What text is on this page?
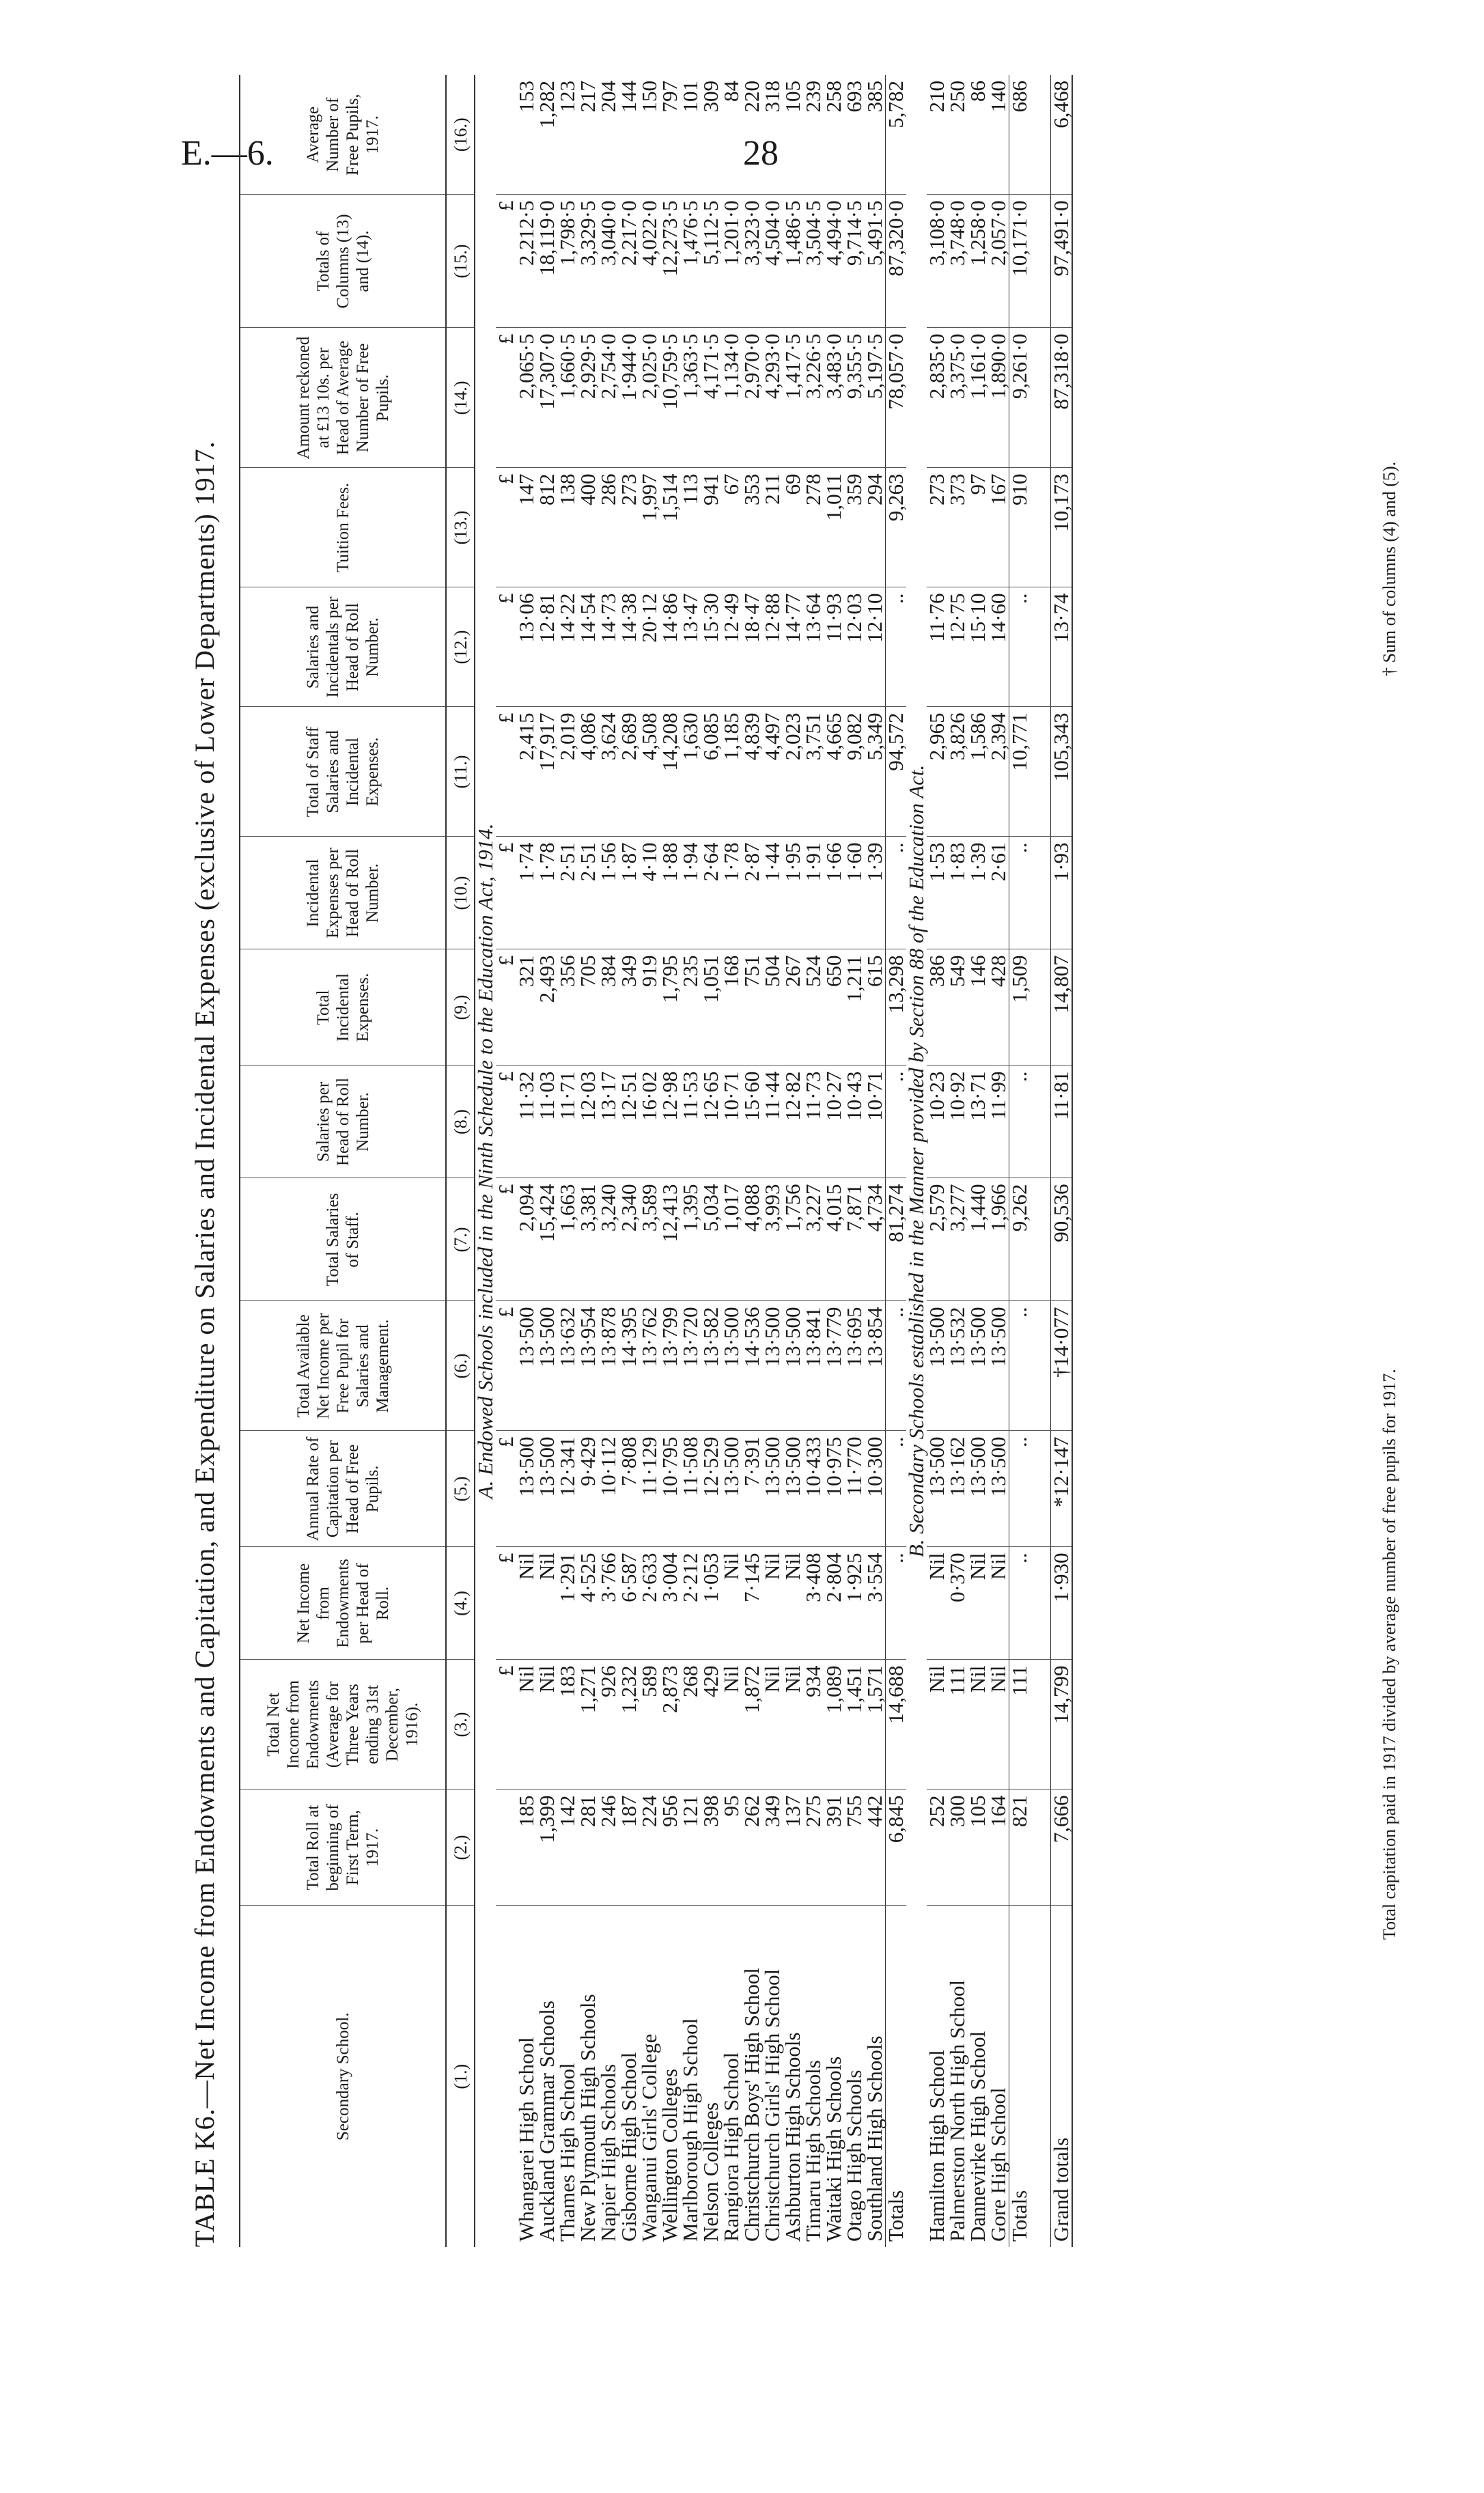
E.—6.	28
TABLE K6.—Net Income from Endowments and Capitation, and Expenditure on Salaries and Incidental Expenses (exclusive of Lower Departments) 1917.	Secondary School.	Total Roll at beginning of First Term, 1917.	Total Net Income from Endowments (Average for Three Years ending 31st December, 1916).	Net Income from Endowments per Head of Roll.	Annual Rate of Capitation per Head of Free Pupils.	Total Available Net Income per Free Pupil for Salaries and Management.	Total Salaries of Staff.	Salaries per Head of Roll Number.	Total Incidental Expenses.	Incidental Expenses per Head of Roll Number.	Total of Staff Salaries and Incidental Expenses.	Salaries and Incidentals per Head of Roll Number.	Tuition Fees.	Amount reckoned at £13 10s. per Head of Average Number of Free Pupils.	Totals of Columns (13) and (14).	Average Number of Free Pupils, 1917.
(1.)	(2.)	(3.)	(4.)	(5.)	(6.)	(7.)	(8.)	(9.)	(10.)	(11.)	(12.)	(13.)	(14.)	(15.)	(16.)
A. Endowed Schools included in the Ninth Schedule to the Education Act, 1914.															
		£	£	£	£	£	£	£	£	£	£	£	£	£	
Whangarei High School	185	Nil	Nil	13·500	13·500	2,094	11·32	321	1·74	2,415	13·06	147	2,065·5	2,212·5	153
Auckland Grammar Schools	1,399	Nil	Nil	13·500	13·500	15,424	11·03	2,493	1·78	17,917	12·81	812	17,307·0	18,119·0	1,282
Thames High School	142	183	1·291	12·341	13·632	1,663	11·71	356	2·51	2,019	14·22	138	1,660·5	1,798·5	123
New Plymouth High Schools	281	1,271	4·525	9·429	13·954	3,381	12·03	705	2·51	4,086	14·54	400	2,929·5	3,329·5	217
Napier High Schools	246	926	3·766	10·112	13·878	3,240	13·17	384	1·56	3,624	14·73	286	2,754·0	3,040·0	204
Gisborne High School	187	1,232	6·587	7·808	14·395	2,340	12·51	349	1·87	2,689	14·38	273	1·944·0	2,217·0	144
Wanganui Girls' College	224	589	2·633	11·129	13·762	3,589	16·02	919	4·10	4,508	20·12	1,997	2,025·0	4,022·0	150
Wellington Colleges	956	2,873	3·004	10·795	13·799	12,413	12·98	1,795	1·88	14,208	14·86	1,514	10,759·5	12,273·5	797
Marlborough High School	121	268	2·212	11·508	13·720	1,395	11·53	235	1·94	1,630	13·47	113	1,363·5	1,476·5	101
Nelson Colleges	398	429	1·053	12·529	13·582	5,034	12·65	1,051	2·64	6,085	15·30	941	4,171·5	5,112·5	309
Rangiora High School	95	Nil	Nil	13·500	13·500	1,017	10·71	168	1·78	1,185	12·49	67	1,134·0	1,201·0	84
Christchurch Boys' High School	262	1,872	7·145	7·391	14·536	4,088	15·60	751	2·87	4,839	18·47	353	2,970·0	3,323·0	220
Christchurch Girls' High School	349	Nil	Nil	13·500	13·500	3,993	11·44	504	1·44	4,497	12·88	211	4,293·0	4,504·0	318
Ashburton High Schools	137	Nil	Nil	13·500	13·500	1,756	12·82	267	1·95	2,023	14·77	69	1,417·5	1,486·5	105
Timaru High Schools	275	934	3·408	10·433	13·841	3,227	11·73	524	1·91	3,751	13·64	278	3,226·5	3,504·5	239
Waitaki High Schools	391	1,089	2·804	10·975	13·779	4,015	10·27	650	1·66	4,665	11·93	1,011	3,483·0	4,494·0	258
Otago High Schools	755	1,451	1·925	11·770	13·695	7,871	10·43	1,211	1·60	9,082	12·03	359	9,355·5	9,714·5	693
Southland High Schools	442	1,571	3·554	10·300	13·854	4,734	10·71	615	1·39	5,349	12·10	294	5,197·5	5,491·5	385
Totals	6,845	14,688	..	..	..	81,274	..	13,298	..	94,572	..	9,263	78,057·0	87,320·0	5,782
B. Secondary Schools established in the Manner provided by Section 88 of the Education Act.															
Hamilton High School	252	Nil	Nil	13·500	13·500	2,579	10·23	386	1·53	2,965	11·76	273	2,835·0	3,108·0	210
Palmerston North High School	300	111	0·370	13·162	13·532	3,277	10·92	549	1·83	3,826	12·75	373	3,375·0	3,748·0	250
Dannevirke High School	105	Nil	Nil	13·500	13·500	1,440	13·71	146	1·39	1,586	15·10	97	1,161·0	1,258·0	86
Gore High School	164	Nil	Nil	13·500	13·500	1,966	11·99	428	2·61	2,394	14·60	167	1,890·0	2,057·0	140
Totals	821	111	..	..	..	9,262	..	1,509	..	10,771	..	910	9,261·0	10,171·0	686

Grand totals	7,666	14,799	1·930	*12·147	†14·077	90,536	11·81	14,807	1·93	105,343	13·74	10,173	87,318·0	97,491·0	6,468
Total capitation paid in 1917 divided by average number of free pupils for 1917.
† Sum of columns (4) and (5).
